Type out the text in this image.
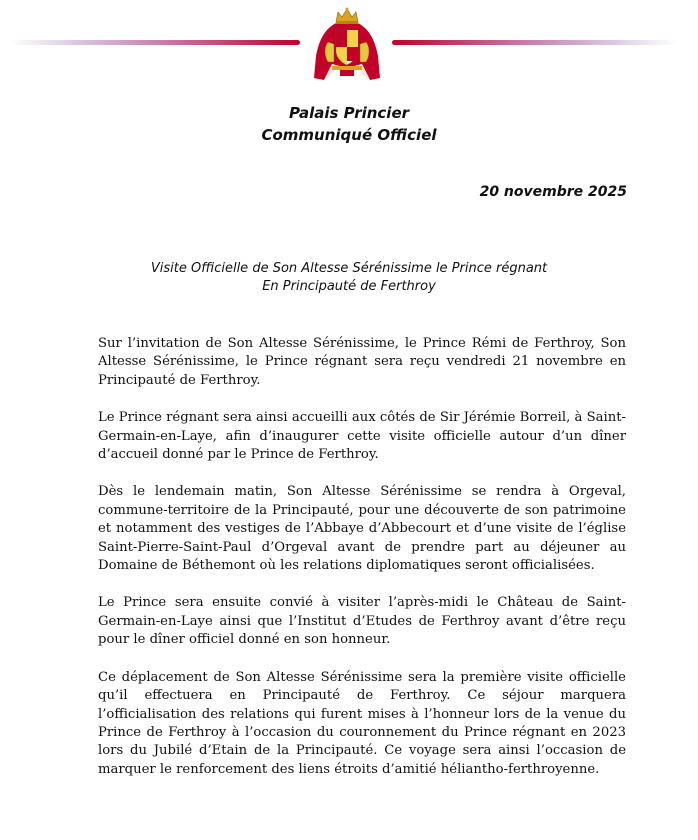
Palais Princier
Communiqué Officiel
20 novembre 2025
Visite Officielle de Son Altesse Sérénissime le Prince régnant
En Principauté de Ferthroy

Sur l’invitation de Son Altesse Sérénissime, le Prince Rémi de Ferthroy, Son Altesse Sérénissime, le Prince régnant sera reçu vendredi 21 novembre en Principauté de Ferthroy.

Le Prince régnant sera ainsi accueilli aux côtés de Sir Jérémie Borreil, à Saint-Germain-en-Laye, afin d’inaugurer cette visite officielle autour d’un dîner d’accueil donné par le Prince de Ferthroy.

Dès le lendemain matin, Son Altesse Sérénissime se rendra à Orgeval, commune-territoire de la Principauté, pour une découverte de son patrimoine et notamment des vestiges de l’Abbaye d’Abbecourt et d’une visite de l’église Saint-Pierre-Saint-Paul d’Orgeval avant de prendre part au déjeuner au Domaine de Béthemont où les relations diplomatiques seront officialisées.

Le Prince sera ensuite convié à visiter l’après-midi le Château de Saint-Germain-en-Laye ainsi que l’Institut d’Etudes de Ferthroy avant d’être reçu pour le dîner officiel donné en son honneur.

Ce déplacement de Son Altesse Sérénissime sera la première visite officielle qu’il effectuera en Principauté de Ferthroy. Ce séjour marquera l’officialisation des relations qui furent mises à l’honneur lors de la venue du Prince de Ferthroy à l’occasion du couronnement du Prince régnant en 2023 lors du Jubilé d’Etain de la Principauté. Ce voyage sera ainsi l’occasion de marquer le renforcement des liens étroits d’amitié hélianthо-ferthroyenne.
